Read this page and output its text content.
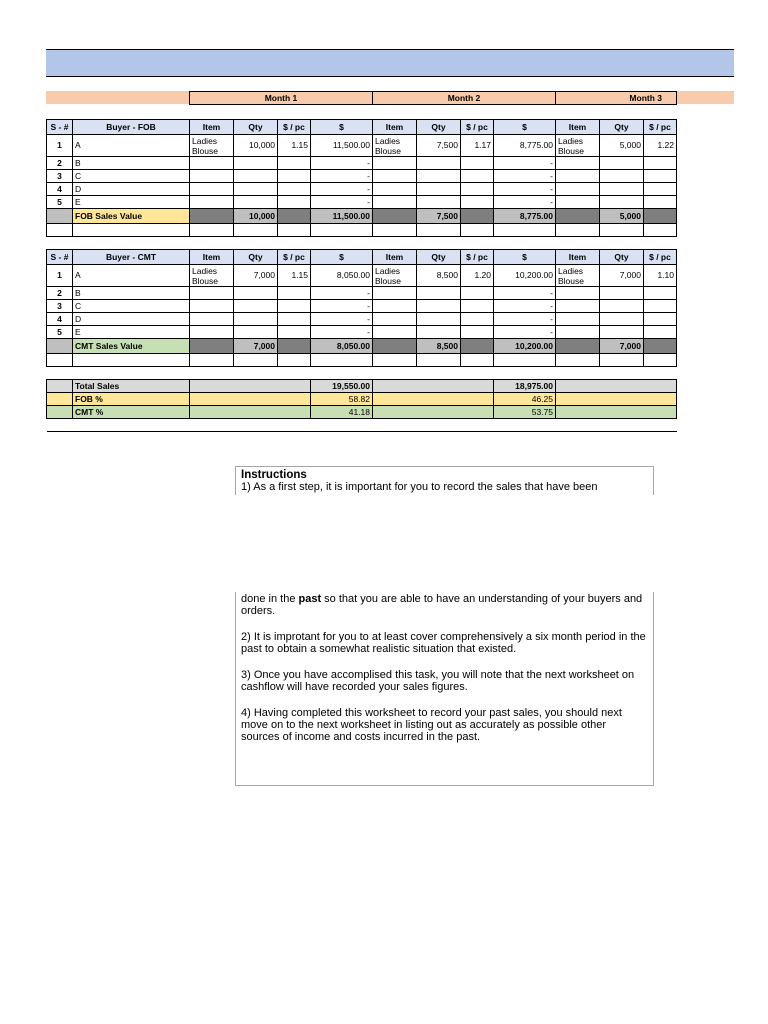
		Month 1				Month 2				Month 3		

S - #	Buyer - FOB	Item	Qty	$ / pc	$	Item	Qty	$ / pc	$	Item	Qty	$ / pc
1	A	Ladies Blouse	10,000	1.15	11,500.00	Ladies Blouse	7,500	1.17	8,775.00	Ladies Blouse	5,000	1.22
2	B				-				-			
3	C				-				-			
4	D				-				-			
5	E				-				-			
	FOB Sales Value		10,000		11,500.00		7,500		8,775.00		5,000	

S - #	Buyer - CMT	Item	Qty	$ / pc	$	Item	Qty	$ / pc	$	Item	Qty	$ / pc
1	A	Ladies Blouse	7,000	1.15	8,050.00	Ladies Blouse	8,500	1.20	10,200.00	Ladies Blouse	7,000	1.10
2	B				-				-			
3	C				-				-			
4	D				-				-			
5	E				-				-			
	CMT Sales Value		7,000		8,050.00		8,500		10,200.00		7,000	

	Total Sales				19,550.00				18,975.00			
	FOB %				58.82				46.25			
	CMT %				41.18				53.75			

Instructions
1) As a first step, it is important for you to record the sales that have been

done in the past so that you are able to have an understanding of your buyers and orders.

2) It is improtant for you to at least cover comprehensively a six month period in the past to obtain a somewhat realistic situation that existed.

3) Once you have accomplised this task, you will note that the next worksheet on cashflow will have recorded your sales figures.

4) Having completed this worksheet to record your past sales, you should next move on to the next worksheet in listing out as accurately as possible other sources of income and costs incurred in the past.
